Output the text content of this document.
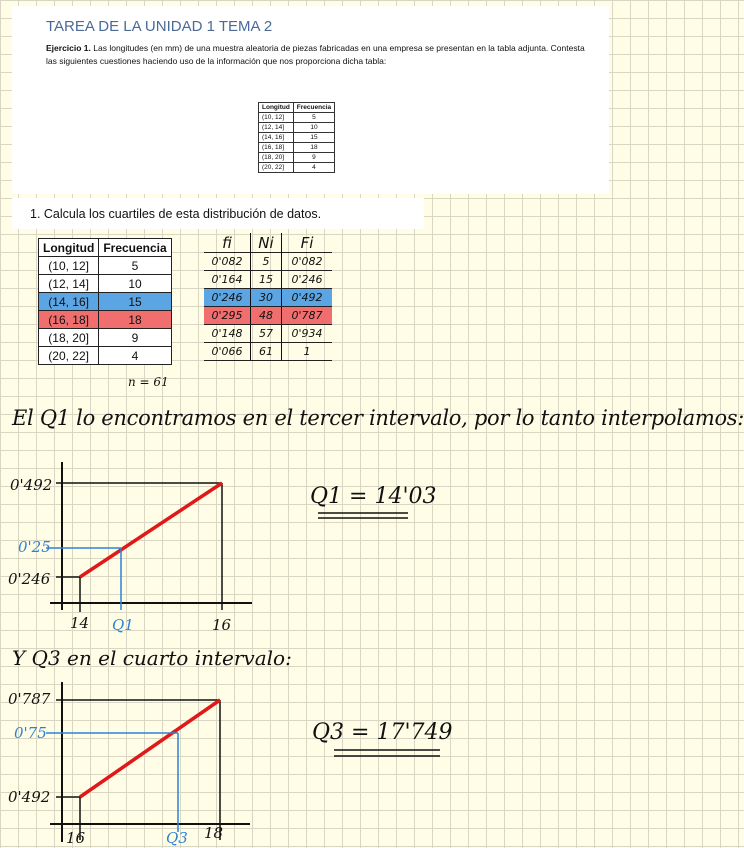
TAREA DE LA UNIDAD 1 TEMA 2
Ejercicio 1. Las longitudes (en mm) de una muestra aleatoria de piezas fabricadas en una empresa se presentan en la tabla adjunta. Contesta las siguientes cuestiones haciendo uso de la información que nos proporciona dicha tabla:
Longitud	Frecuencia
(10, 12]	5
(12, 14]	10
(14, 16]	15
(16, 18]	18
(18, 20]	9
(20, 22]	4
1. Calcula los cuartiles de esta distribución de datos.
Longitud	Frecuencia
(10, 12]	5
(12, 14]	10
(14, 16]	15
(16, 18]	18
(18, 20]	9
(20, 22]	4
fi	Ni	Fi
0'082	5	0'082
0'164	15	0'246
0'246	30	0'492
0'295	48	0'787
0'148	57	0'934
0'066	61	1
n = 61
El Q1 lo encontramos en el tercer intervalo, por lo tanto interpolamos:
Q1 = 14'03
Y Q3 en el cuarto intervalo:
Q3 = 17'749
0'492
0'25
0'246
14 Q1	16
0'787
0'75
0'492
16	Q3 18
